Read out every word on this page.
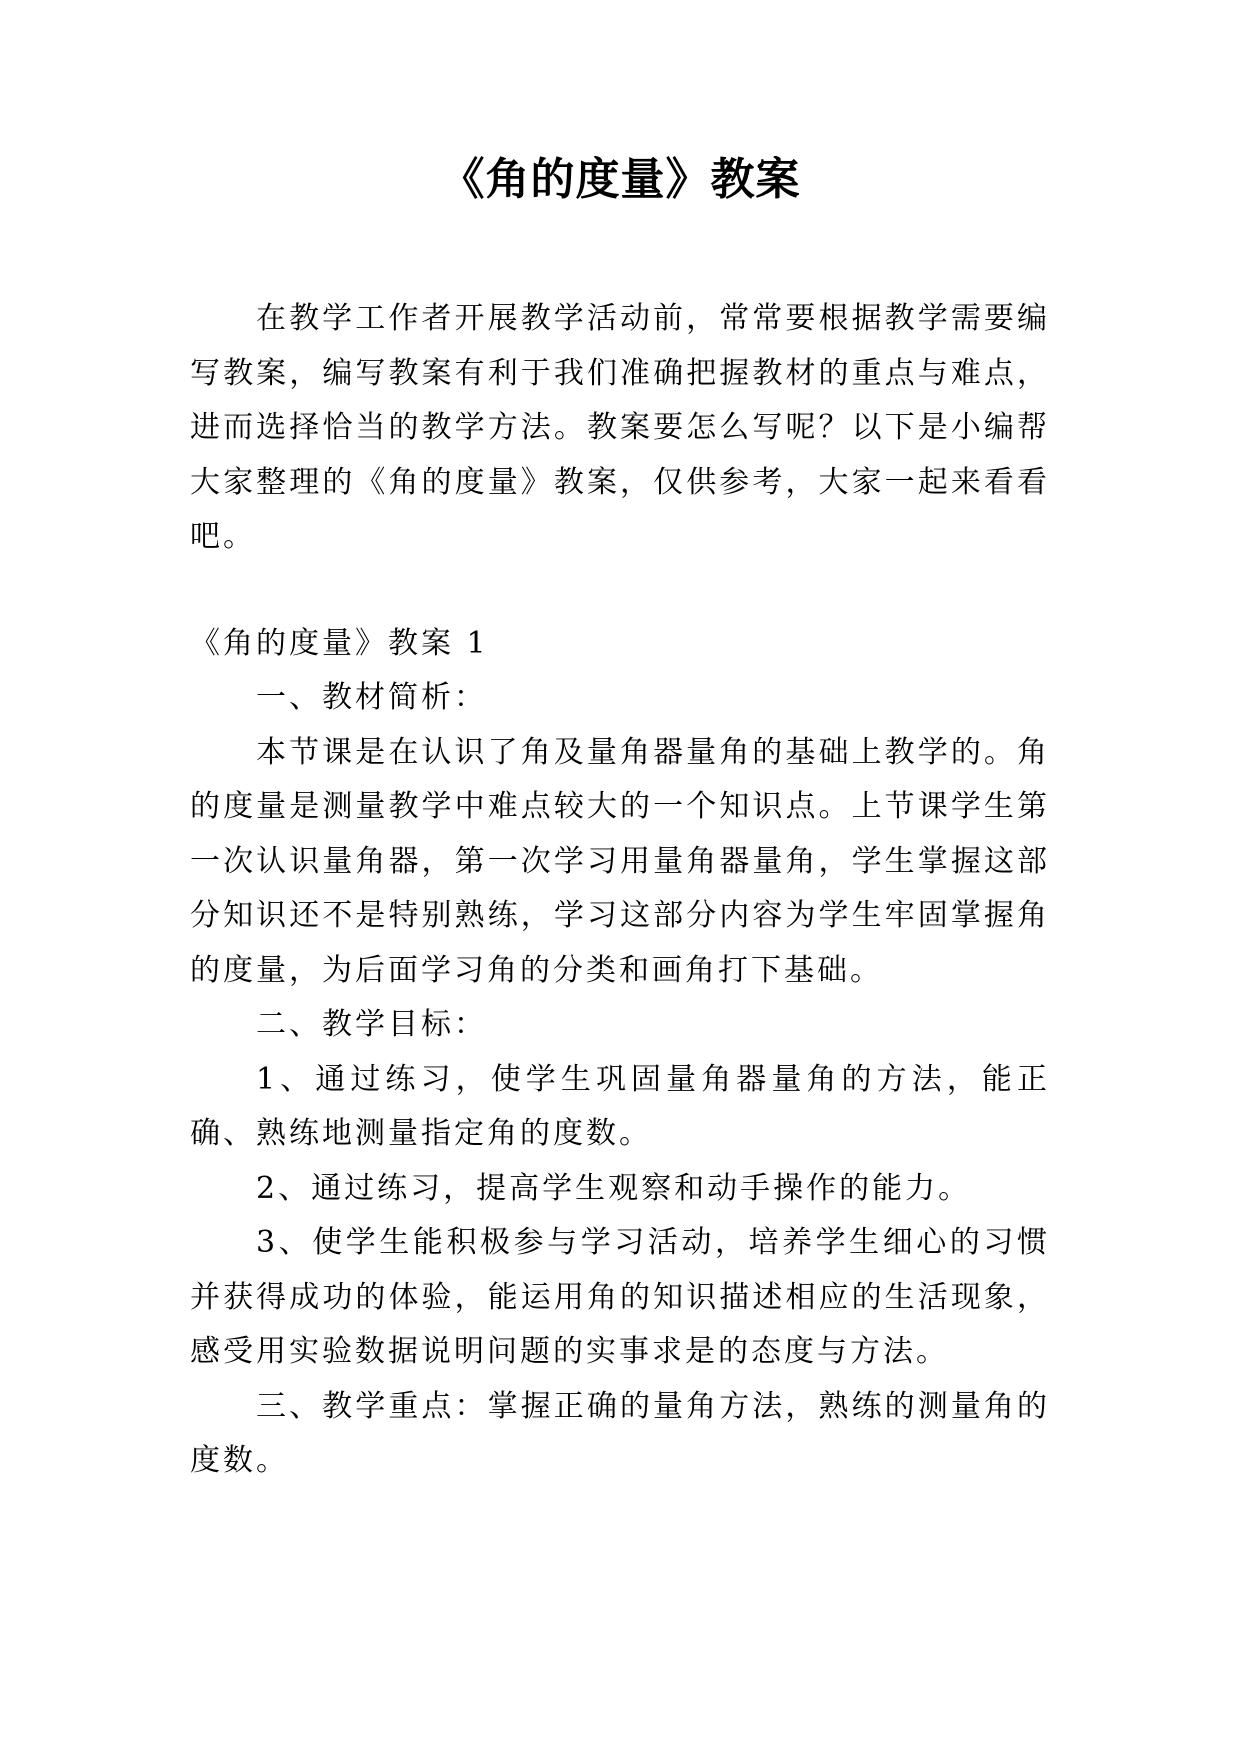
《角的度量》教案

在教学工作者开展教学活动前，常常要根据教学需要编写教案，编写教案有利于我们准确把握教材的重点与难点，进而选择恰当的教学方法。教案要怎么写呢？以下是小编帮大家整理的《角的度量》教案，仅供参考，大家一起来看看吧。

《角的度量》教案 1

一、教材简析：

本节课是在认识了角及量角器量角的基础上教学的。角的度量是测量教学中难点较大的一个知识点。上节课学生第一次认识量角器，第一次学习用量角器量角，学生掌握这部分知识还不是特别熟练，学习这部分内容为学生牢固掌握角的度量，为后面学习角的分类和画角打下基础。

二、教学目标：

1、通过练习，使学生巩固量角器量角的方法，能正确、熟练地测量指定角的度数。

2、通过练习，提高学生观察和动手操作的能力。

3、使学生能积极参与学习活动，培养学生细心的习惯并获得成功的体验，能运用角的知识描述相应的生活现象，感受用实验数据说明问题的实事求是的态度与方法。

三、教学重点：掌握正确的量角方法，熟练的测量角的度数。
